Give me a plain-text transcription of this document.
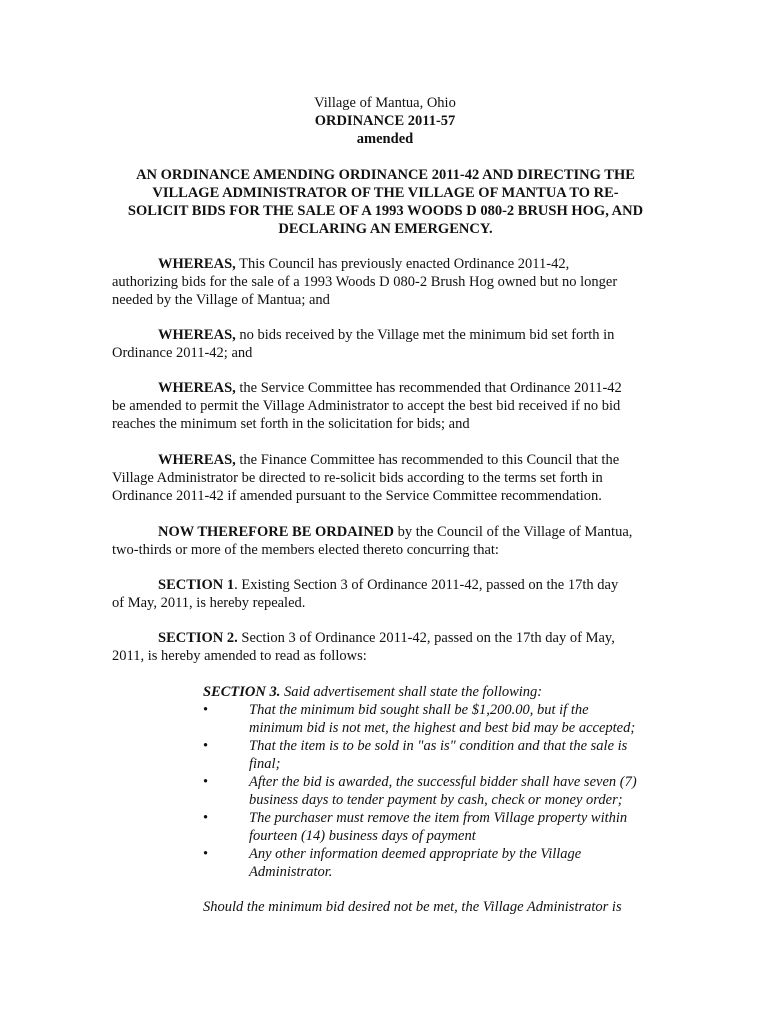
Village of Mantua, Ohio
ORDINANCE 2011-57
amended
AN ORDINANCE AMENDING ORDINANCE 2011-42 AND DIRECTING THE
VILLAGE ADMINISTRATOR OF THE VILLAGE OF MANTUA TO RE-
SOLICIT BIDS FOR THE SALE OF A 1993 WOODS D 080-2 BRUSH HOG, AND
DECLARING AN EMERGENCY.
WHEREAS, This Council has previously enacted Ordinance 2011-42,
authorizing bids for the sale of a 1993 Woods D 080-2 Brush Hog owned but no longer
needed by the Village of Mantua; and
WHEREAS, no bids received by the Village met the minimum bid set forth in
Ordinance 2011-42; and
WHEREAS, the Service Committee has recommended that Ordinance 2011-42
be amended to permit the Village Administrator to accept the best bid received if no bid
reaches the minimum set forth in the solicitation for bids; and
WHEREAS, the Finance Committee has recommended to this Council that the
Village Administrator be directed to re-solicit bids according to the terms set forth in
Ordinance 2011-42 if amended pursuant to the Service Committee recommendation.
NOW THEREFORE BE ORDAINED by the Council of the Village of Mantua,
two-thirds or more of the members elected thereto concurring that:
SECTION 1. Existing Section 3 of Ordinance 2011-42, passed on the 17th day
of May, 2011, is hereby repealed.
SECTION 2. Section 3 of Ordinance 2011-42, passed on the 17th day of May,
2011, is hereby amended to read as follows:
SECTION 3. Said advertisement shall state the following:
•	That the minimum bid sought shall be $1,200.00, but if the
minimum bid is not met, the highest and best bid may be accepted;
•	That the item is to be sold in "as is" condition and that the sale is
final;
•	After the bid is awarded, the successful bidder shall have seven (7)
business days to tender payment by cash, check or money order;
•	The purchaser must remove the item from Village property within
fourteen (14) business days of payment
•	Any other information deemed appropriate by the Village
Administrator.
Should the minimum bid desired not be met, the Village Administrator is
